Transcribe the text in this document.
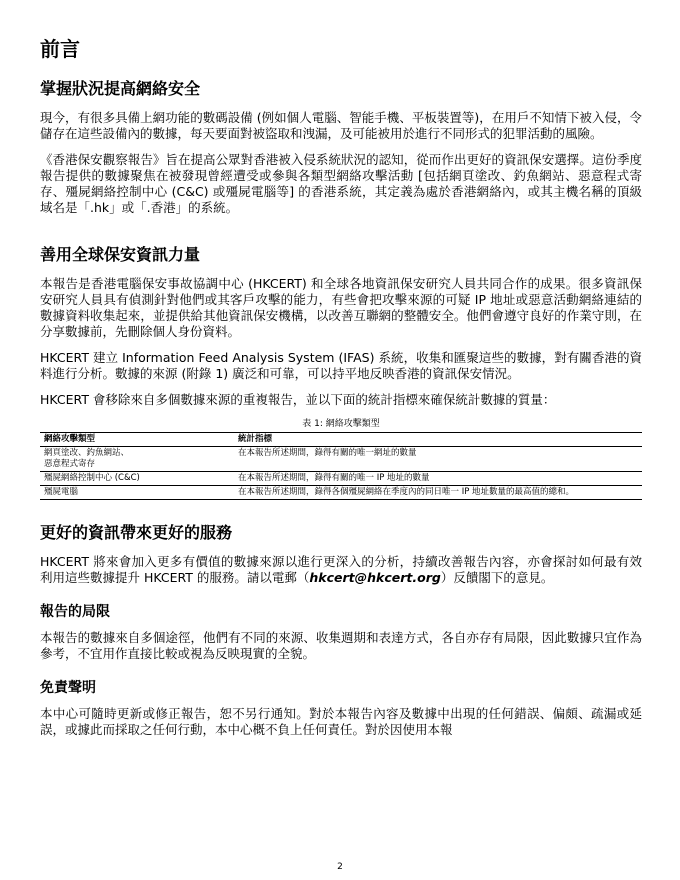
前言
掌握狀況提高網絡安全

現今，有很多具備上網功能的數碼設備 (例如個人電腦、智能手機、平板裝置等)，在用戶不知情下被入侵，令儲存在這些設備內的數據，每天要面對被盜取和洩漏，及可能被用於進行不同形式的犯罪活動的風險。

《香港保安觀察報告》旨在提高公眾對香港被入侵系統狀況的認知，從而作出更好的資訊保安選擇。這份季度報告提供的數據聚焦在被發現曾經遭受或參與各類型網絡攻擊活動 [包括網頁塗改、釣魚網站、惡意程式寄存、殭屍網絡控制中心 (C&C) 或殭屍電腦等] 的香港系統，其定義為處於香港網絡內，或其主機名稱的頂級域名是「.hk」或「.香港」的系統。

善用全球保安資訊力量

本報告是香港電腦保安事故協調中心 (HKCERT) 和全球各地資訊保安研究人員共同合作的成果。很多資訊保安研究人員具有偵測針對他們或其客戶攻擊的能力，有些會把攻擊來源的可疑 IP 地址或惡意活動網絡連結的數據資料收集起來，並提供給其他資訊保安機構，以改善互聯網的整體安全。他們會遵守良好的作業守則，在分享數據前，先刪除個人身份資料。

HKCERT 建立 Information Feed Analysis System (IFAS) 系統，收集和匯聚這些的數據，對有關香港的資料進行分析。數據的來源 (附錄 1) 廣泛和可靠，可以持平地反映香港的資訊保安情況。

HKCERT 會移除來自多個數據來源的重複報告，並以下面的統計指標來確保統計數據的質量：

表 1: 網絡攻擊類型
網絡攻擊類型	統計指標
網頁塗改、釣魚網站、
惡意程式寄存	在本報告所述期間，錄得有關的唯一網址的數量
殭屍網絡控制中心 (C&C)	在本報告所述期間，錄得有關的唯一 IP 地址的數量
殭屍電腦	在本報告所述期間，錄得各個殭屍網絡在季度內的同日唯一 IP 地址數量的最高值的總和。
更好的資訊帶來更好的服務

HKCERT 將來會加入更多有價值的數據來源以進行更深入的分析，持續改善報告內容，亦會探討如何最有效利用這些數據提升 HKCERT 的服務。請以電郵（hkcert@hkcert.org）反饋閣下的意見。

報告的局限

本報告的數據來自多個途徑，他們有不同的來源、收集週期和表達方式，各自亦存有局限，因此數據只宜作為參考，不宜用作直接比較或視為反映現實的全貌。

免責聲明

本中心可隨時更新或修正報告，恕不另行通知。對於本報告內容及數據中出現的任何錯誤、偏頗、疏漏或延誤，或據此而採取之任何行動，本中心概不負上任何責任。對於因使用本報

2
